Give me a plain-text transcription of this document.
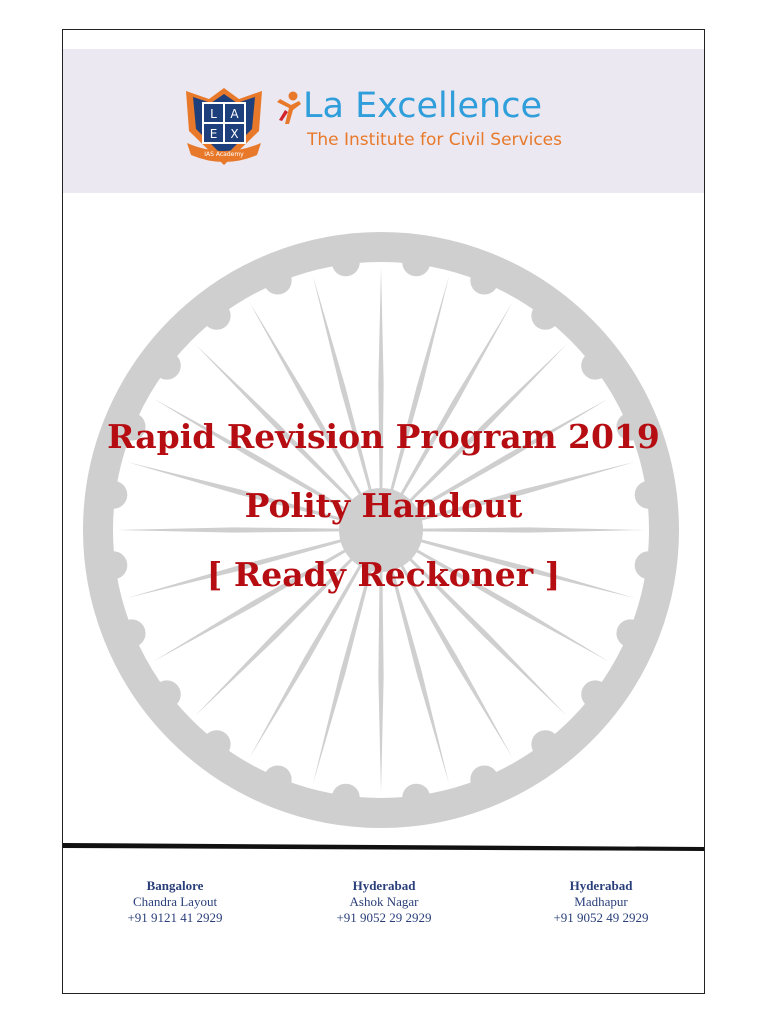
L A
E X
IAS Academy
La Excellence
The Institute for Civil Services
Rapid Revision Program 2019
Polity Handout
[ Ready Reckoner ]
Bangalore
Chandra Layout
+91 9121 41 2929
Hyderabad
Ashok Nagar
+91 9052 29 2929
Hyderabad
Madhapur
+91 9052 49 2929
